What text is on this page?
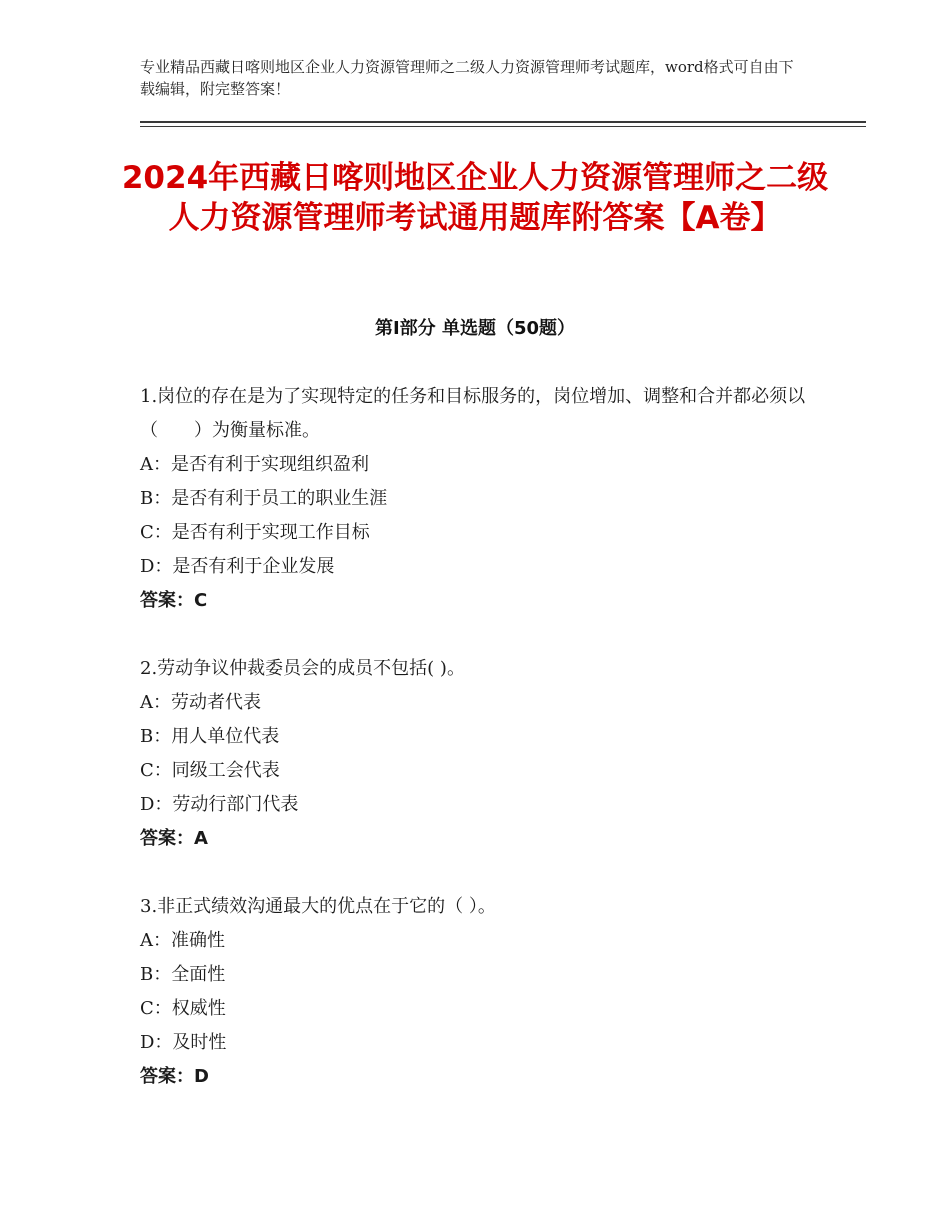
专业精品西藏日喀则地区企业人力资源管理师之二级人力资源管理师考试题库，word格式可自由下载编辑，附完整答案！
2024年西藏日喀则地区企业人力资源管理师之二级人力资源管理师考试通用题库附答案【A卷】
第Ⅰ部分 单选题（50题）

1.岗位的存在是为了实现特定的任务和目标服务的，岗位增加、调整和合并都必须以（　　）为衡量标准。

A：是否有利于实现组织盈利

B：是否有利于员工的职业生涯

C：是否有利于实现工作目标

D：是否有利于企业发展

答案：C

2.劳动争议仲裁委员会的成员不包括( )。

A：劳动者代表

B：用人单位代表

C：同级工会代表

D：劳动行部门代表

答案：A

3.非正式绩效沟通最大的优点在于它的（ ）。

A：准确性

B：全面性

C：权威性

D：及时性

答案：D
